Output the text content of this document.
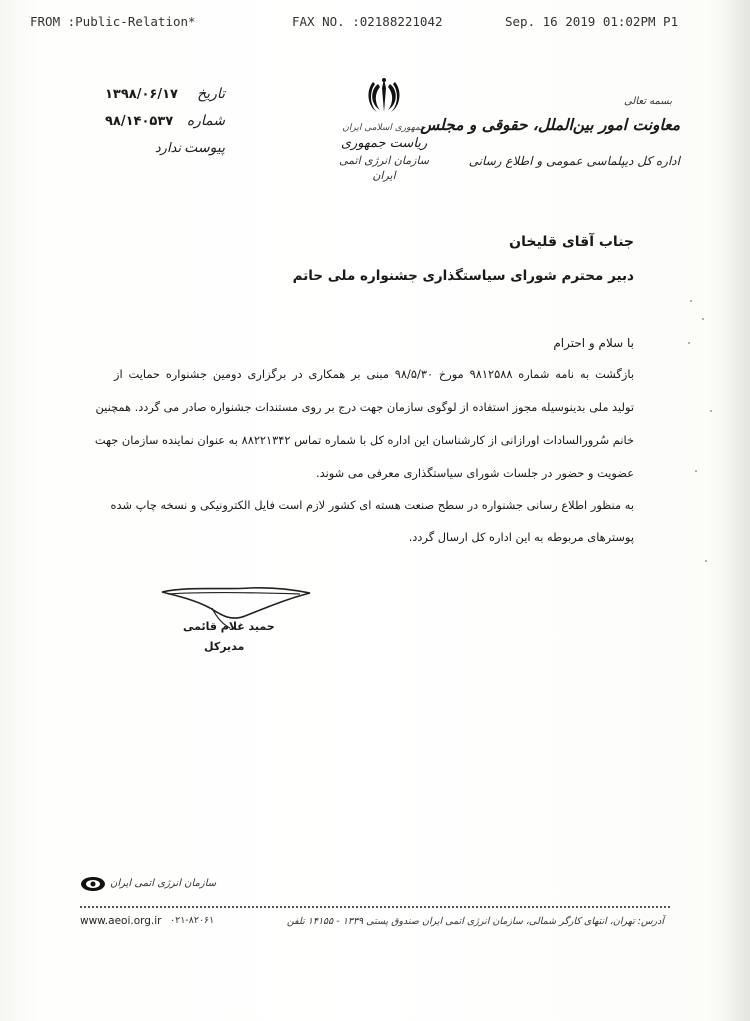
FROM :Public-Relation*	FAX NO. :02188221042	Sep. 16 2019 01:02PM P1
تاریخ
۱۳۹۸/۰۶/۱۷
شماره
۹۸/۱۴۰۵۳۷
پیوست
ندارد
جمهوری اسلامی ایران
ریاست جمهوری
سازمان انرژی اتمی ایران
بسمه تعالی
معاونت امور بین‌الملل، حقوقی و مجلس
اداره کل دیپلماسی عمومی و اطلاع رسانی
جناب آقای قلیخان
دبیر محترم شورای سیاستگذاری جشنواره ملی حاتم
با سلام و احترام
بازگشت به نامه شماره ۹۸۱۲۵۸۸ مورخ ۹۸/۵/۳۰ مبنی بر همکاری در برگزاری دومین جشنواره حمایت از
تولید ملی بدینوسیله مجوز استفاده از لوگوی سازمان جهت درج بر روی مستندات جشنواره صادر می گردد. همچنین
خانم سُرورالسادات اورازانی از کارشناسان این اداره کل با شماره تماس ۸۸۲۲۱۳۴۲ به عنوان نماینده سازمان جهت
عضویت و حضور در جلسات شورای سیاستگذاری معرفی می شوند.
به منظور اطلاع رسانی جشنواره در سطح صنعت هسته ای کشور لازم است فایل الکترونیکی و نسخه چاپ شده
پوسترهای مربوطه به این اداره کل ارسال گردد.
حمید غلام قائمی
مدیرکل
سازمان انرژی اتمی ایران
www.aeoi.org.ir ۰۲۱-۸۲۰۶۱	آدرس: تهران، انتهای کارگر شمالی، سازمان انرژی اتمی ایران صندوق پستی ۱۳۳۹ - ۱۴۱۵۵ تلفن
